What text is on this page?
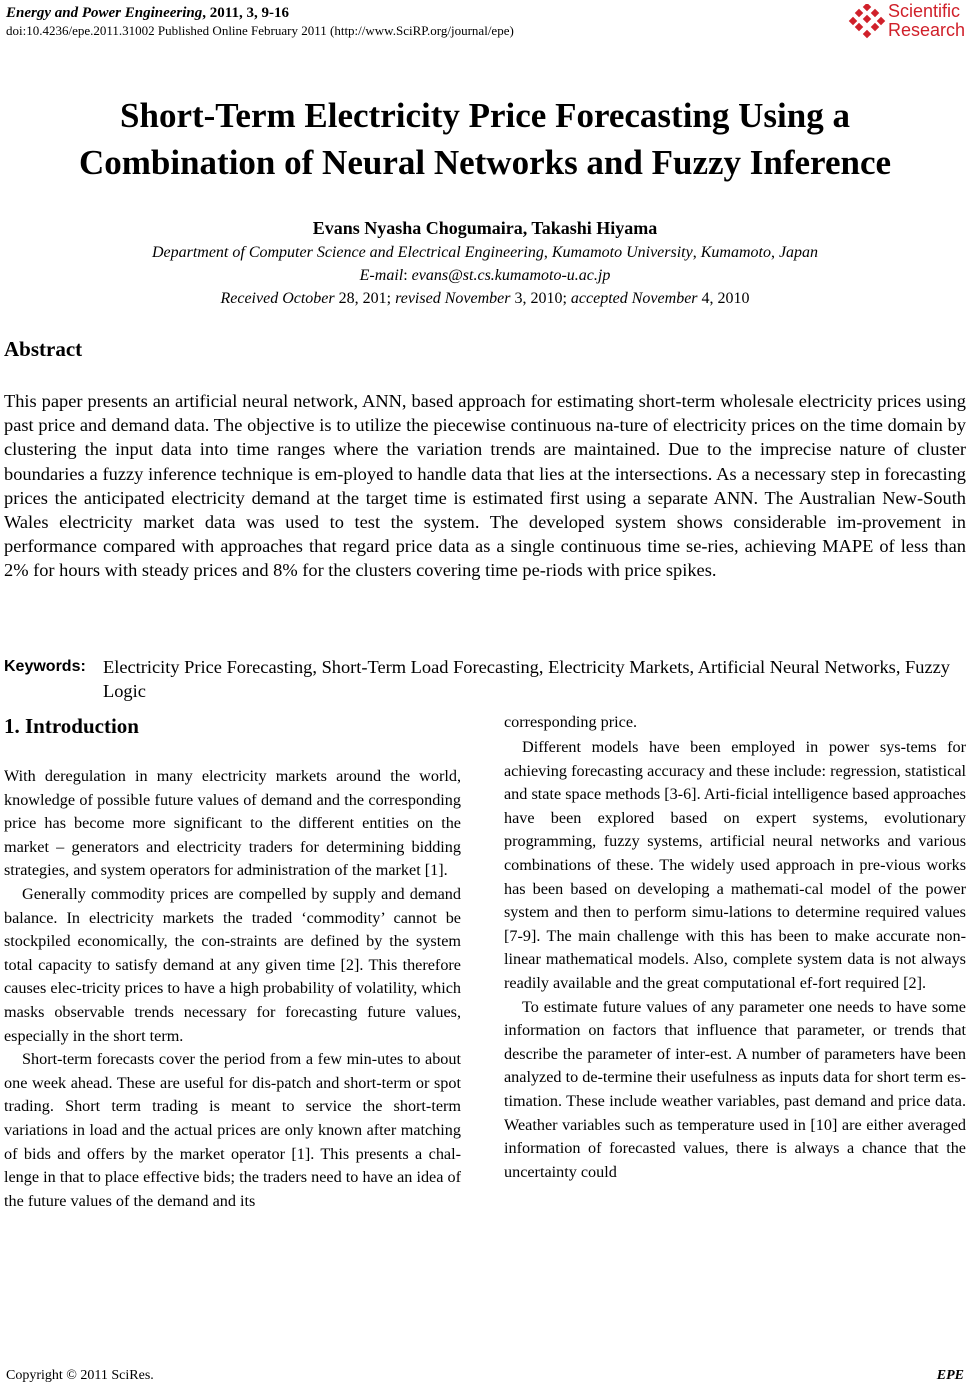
Energy and Power Engineering, 2011, 3, 9-16

doi:10.4236/epe.2011.31002 Published Online February 2011 (http://www.SciRP.org/journal/epe)

Scientific
Research
Short-Term Electricity Price Forecasting Using a
Combination of Neural Networks and Fuzzy Inference

Evans Nyasha Chogumaira, Takashi Hiyama

Department of Computer Science and Electrical Engineering, Kumamoto University, Kumamoto, Japan

E-mail: evans@st.cs.kumamoto-u.ac.jp

Received October 28, 201; revised November 3, 2010; accepted November 4, 2010

Abstract

This paper presents an artificial neural network, ANN, based approach for estimating short-term wholesale electricity prices using past price and demand data. The objective is to utilize the piecewise continuous na-ture of electricity prices on the time domain by clustering the input data into time ranges where the variation trends are maintained. Due to the imprecise nature of cluster boundaries a fuzzy inference technique is em-ployed to handle data that lies at the intersections. As a necessary step in forecasting prices the anticipated electricity demand at the target time is estimated first using a separate ANN. The Australian New-South Wales electricity market data was used to test the system. The developed system shows considerable im-provement in performance compared with approaches that regard price data as a single continuous time se-ries, achieving MAPE of less than 2% for hours with steady prices and 8% for the clusters covering time pe-riods with price spikes.

Keywords: Electricity Price Forecasting, Short-Term Load Forecasting, Electricity Markets, Artificial Neural Networks, Fuzzy Logic

1. Introduction

With deregulation in many electricity markets around the world, knowledge of possible future values of demand and the corresponding price has become more significant to the different entities on the market – generators and electricity traders for determining bidding strategies, and system operators for administration of the market [1].

Generally commodity prices are compelled by supply and demand balance. In electricity markets the traded ‘commodity’ cannot be stockpiled economically, the con-straints are defined by the system total capacity to satisfy demand at any given time [2]. This therefore causes elec-tricity prices to have a high probability of volatility, which masks observable trends necessary for forecasting future values, especially in the short term.

Short-term forecasts cover the period from a few min-utes to about one week ahead. These are useful for dis-patch and short-term or spot trading. Short term trading is meant to service the short-term variations in load and the actual prices are only known after matching of bids and offers by the market operator [1]. This presents a chal-lenge in that to place effective bids; the traders need to have an idea of the future values of the demand and its

corresponding price.

Different models have been employed in power sys-tems for achieving forecasting accuracy and these include: regression, statistical and state space methods [3-6]. Arti-ficial intelligence based approaches have been explored based on expert systems, evolutionary programming, fuzzy systems, artificial neural networks and various combinations of these. The widely used approach in pre-vious works has been based on developing a mathemati-cal model of the power system and then to perform simu-lations to determine required values [7-9]. The main challenge with this has been to make accurate non-linear mathematical models. Also, complete system data is not always readily available and the great computational ef-fort required [2].

To estimate future values of any parameter one needs to have some information on factors that influence that parameter, or trends that describe the parameter of inter-est. A number of parameters have been analyzed to de-termine their usefulness as inputs data for short term es-timation. These include weather variables, past demand and price data. Weather variables such as temperature used in [10] are either averaged information of forecasted values, there is always a chance that the uncertainty could

Copyright © 2011 SciRes.	EPE
